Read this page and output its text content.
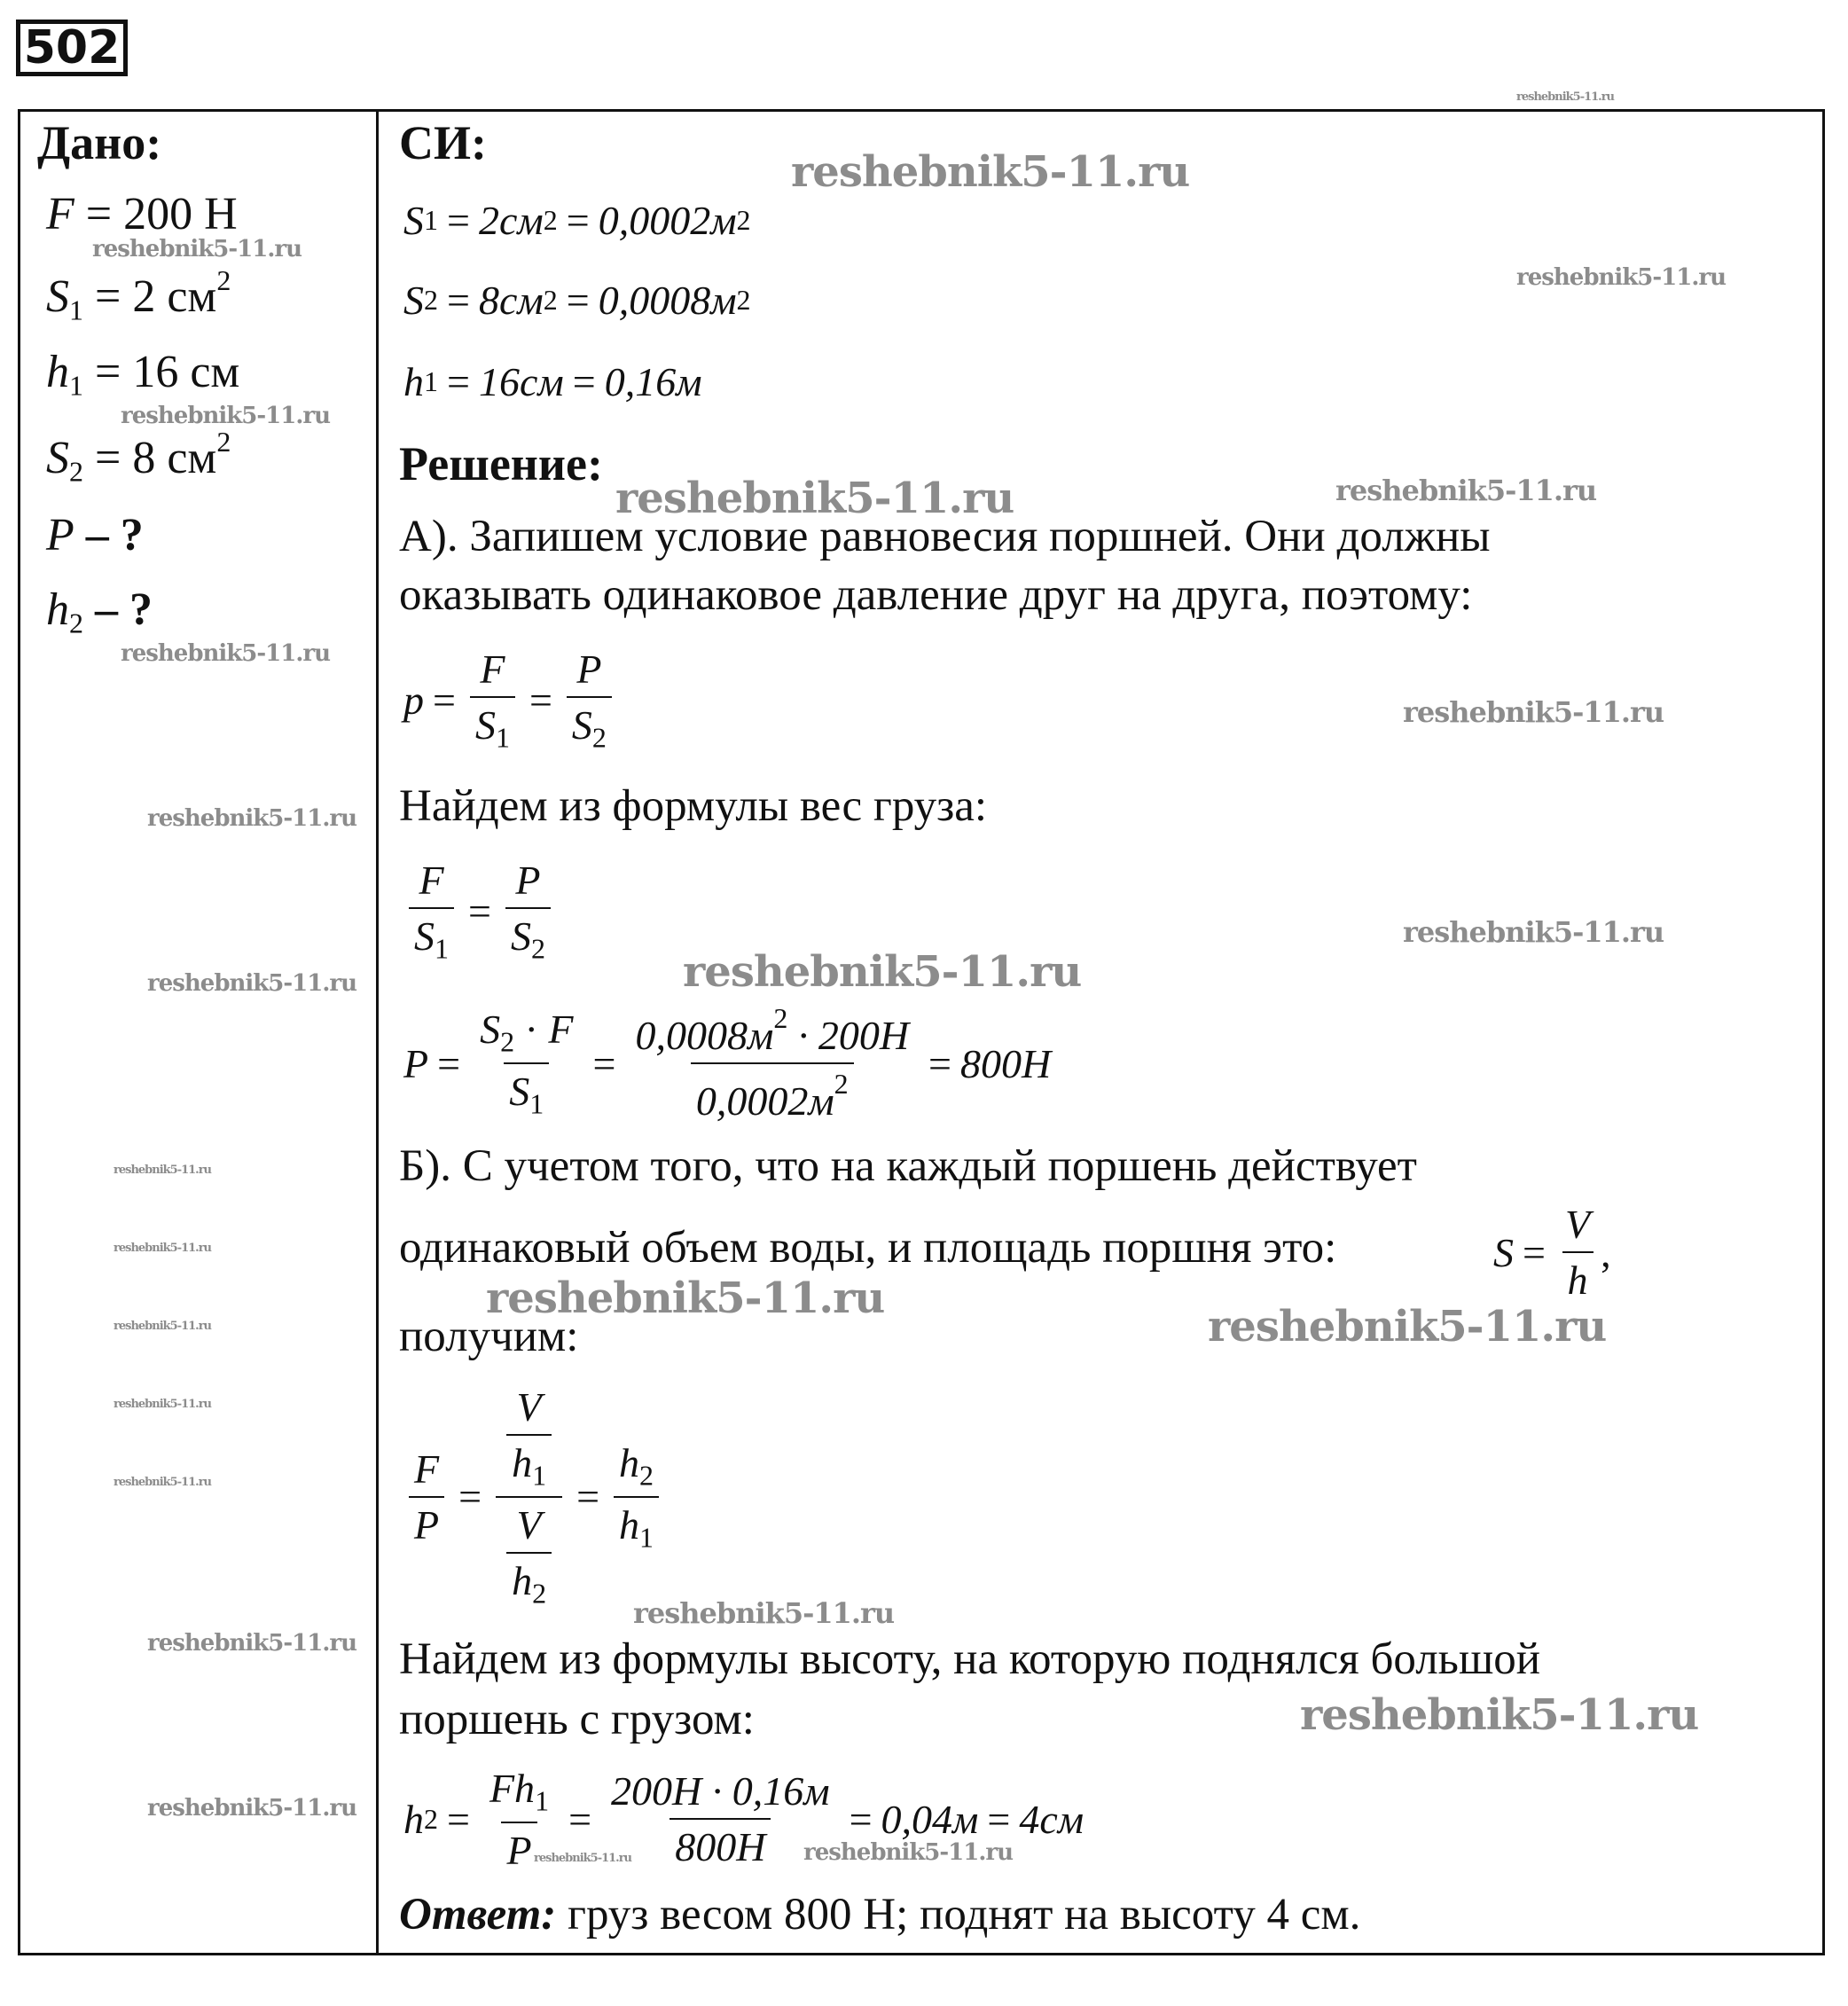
502
Дано:
F = 200 Н
$S_1 = 2$ $см^2$
$h_1 = 16$ см
$S_2 = 8$ $см^2$
P – ?
$h_2$ – ?
СИ:
S 1 = 2см 2 = 0,0002м 2
S 2 = 8см 2 = 0,0008м 2
h 1 = 16см = 0,16м
Решение:
А). Запишем условие равновесия поршней. Они должны
оказывать одинаковое давление друг на друга, поэтому:
$p = \frac{F}{S_1} = \frac{P}{S_2}$
Найдем из формулы вес груза:
$\frac{F}{S_1} = \frac{P}{S_2}$
$P = \frac{S_2 \cdot F}{S_1} = \frac{0,0008м^2 \cdot 200Н}{0,0002м^2} = 800Н$
Б). С учетом того, что на каждый поршень действует
одинаковый объем воды, и площадь поршня это:	$S = \frac{V}{h}$ ,
получим:
$\frac{F}{P} = \frac{\frac{V}{h_1}}{\frac{V}{h_2}} = \frac{h_2}{h_1}$
Найдем из формулы высоту, на которую поднялся большой
поршень с грузом:
h $2 = \frac{Fh_1}{P} = \frac{200Н \cdot 0,16м}{800Н} = 0,04м = 4см$
Ответ: груз весом 800 Н; поднят на высоту 4 см.
reshebnik5-11.ru
reshebnik5-11.ru
reshebnik5-11.ru
reshebnik5-11.ru
reshebnik5-11.ru
reshebnik5-11.ru	reshebnik5-11.ru
reshebnik5-11.ru
reshebnik5-11.ru
reshebnik5-11.ru
reshebnik5-11.ru
reshebnik5-11.ru
reshebnik5-11.ru
reshebnik5-11.ru
reshebnik5-11.ru
reshebnik5-11.ru
reshebnik5-11.ru
reshebnik5-11.ru
reshebnik5-11.ru
reshebnik5-11.ru
reshebnik5-11.ru
reshebnik5-11.ru
reshebnik5-11.ru
reshebnik5-11.ru
reshebnik5-11.ru	reshebnik5-11.ru
